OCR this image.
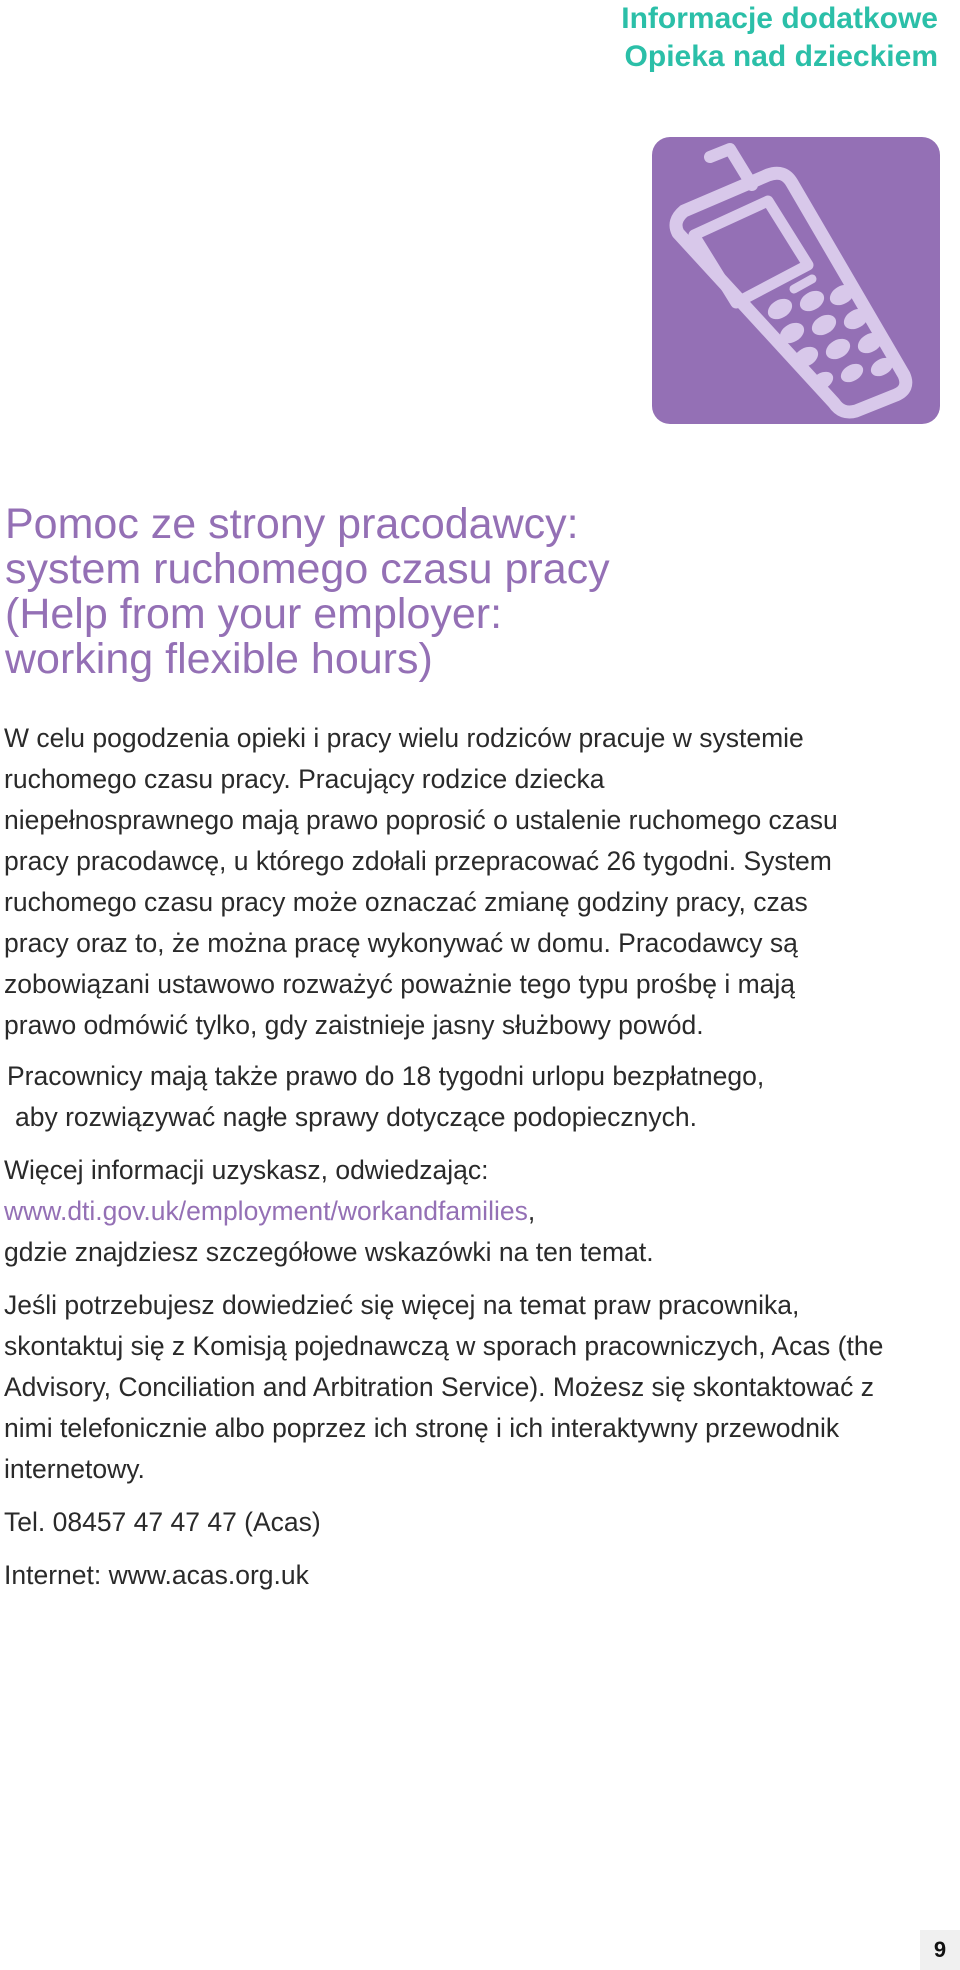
Informacje dodatkowe
Opieka nad dzieckiem
Pomoc ze strony pracodawcy:
system ruchomego czasu pracy
(Help from your employer:
working flexible hours)

W celu pogodzenia opieki i pracy wielu rodziców pracuje w systemie
ruchomego czasu pracy. Pracujący rodzice dziecka
niepełnosprawnego mają prawo poprosić o ustalenie ruchomego czasu
pracy pracodawcę, u którego zdołali przepracować 26 tygodni. System
ruchomego czasu pracy może oznaczać zmianę godziny pracy, czas
pracy oraz to, że można pracę wykonywać w domu. Pracodawcy są
zobowiązani ustawowo rozważyć poważnie tego typu prośbę i mają
prawo odmówić tylko, gdy zaistnieje jasny służbowy powód.

Pracownicy mają także prawo do 18 tygodni urlopu bezpłatnego,
aby rozwiązywać nagłe sprawy dotyczące podopiecznych.

Więcej informacji uzyskasz, odwiedzając:
www.dti.gov.uk/employment/workandfamilies,
gdzie znajdziesz szczegółowe wskazówki na ten temat.

Jeśli potrzebujesz dowiedzieć się więcej na temat praw pracownika,
skontaktuj się z Komisją pojednawczą w sporach pracowniczych, Acas (the
Advisory, Conciliation and Arbitration Service). Możesz się skontaktować z
nimi telefonicznie albo poprzez ich stronę i ich interaktywny przewodnik
internetowy.

Tel. 08457 47 47 47 (Acas)

Internet: www.acas.org.uk

9
